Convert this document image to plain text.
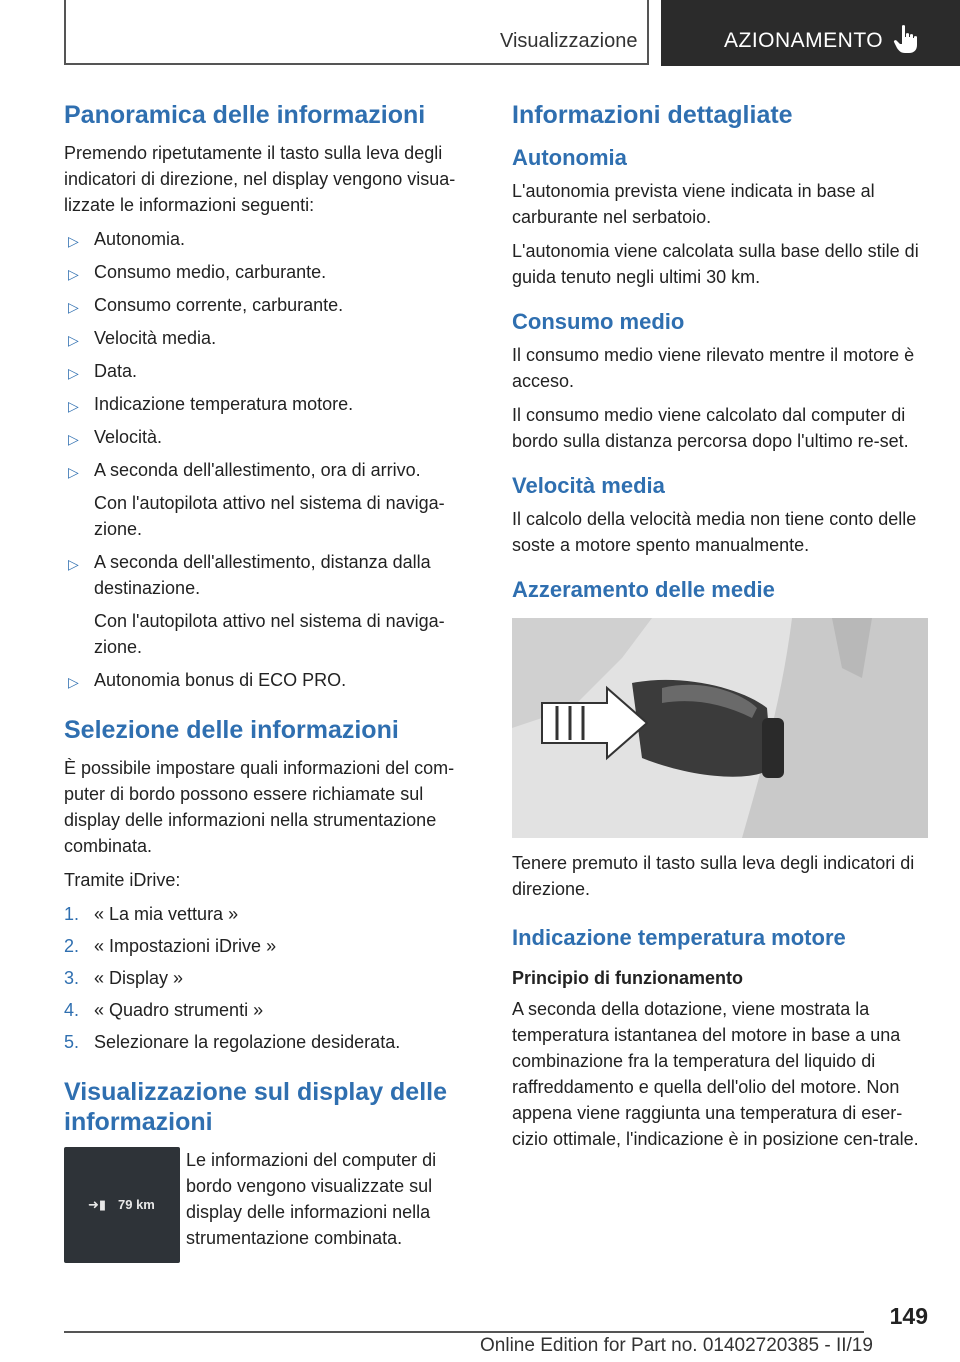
Visualizzazione	AZIONAMENTO
Panoramica delle informazioni

Premendo ripetutamente il tasto sulla leva degli indicatori di direzione, nel display vengono visua-lizzate le informazioni seguenti:

▷ Autonomia.
▷ Consumo medio, carburante.
▷ Consumo corrente, carburante.
▷ Velocità media.
▷ Data.
▷ Indicazione temperatura motore.
▷ Velocità.
▷ A seconda dell'allestimento, ora di arrivo.
Con l'autopilota attivo nel sistema di naviga-zione.
▷ A seconda dell'allestimento, distanza dalla destinazione.
Con l'autopilota attivo nel sistema di naviga-zione.
▷ Autonomia bonus di ECO PRO.
Selezione delle informazioni

È possibile impostare quali informazioni del com-puter di bordo possono essere richiamate sul display delle informazioni nella strumentazione combinata.

Tramite iDrive:

1. « La mia vettura »
2. « Impostazioni iDrive »
3. « Display »
4. « Quadro strumenti »
5. Selezionare la regolazione desiderata.
Visualizzazione sul display delle informazioni
➜▮ 79 km
Le informazioni del computer di bordo vengono visualizzate sul display delle informazioni nella strumentazione combinata.
Informazioni dettagliate
Autonomia

L'autonomia prevista viene indicata in base al carburante nel serbatoio.

L'autonomia viene calcolata sulla base dello stile di guida tenuto negli ultimi 30 km.

Consumo medio

Il consumo medio viene rilevato mentre il motore è acceso.

Il consumo medio viene calcolato dal computer di bordo sulla distanza percorsa dopo l'ultimo re-set.

Velocità media

Il calcolo della velocità media non tiene conto delle soste a motore spento manualmente.

Azzeramento delle medie

Tenere premuto il tasto sulla leva degli indicatori di direzione.

Indicazione temperatura motore
Principio di funzionamento

A seconda della dotazione, viene mostrata la temperatura istantanea del motore in base a una combinazione fra la temperatura del liquido di raffreddamento e quella dell'olio del motore. Non appena viene raggiunta una temperatura di eser-cizio ottimale, l'indicazione è in posizione cen-trale.

149
Online Edition for Part no. 01402720385 - II/19
